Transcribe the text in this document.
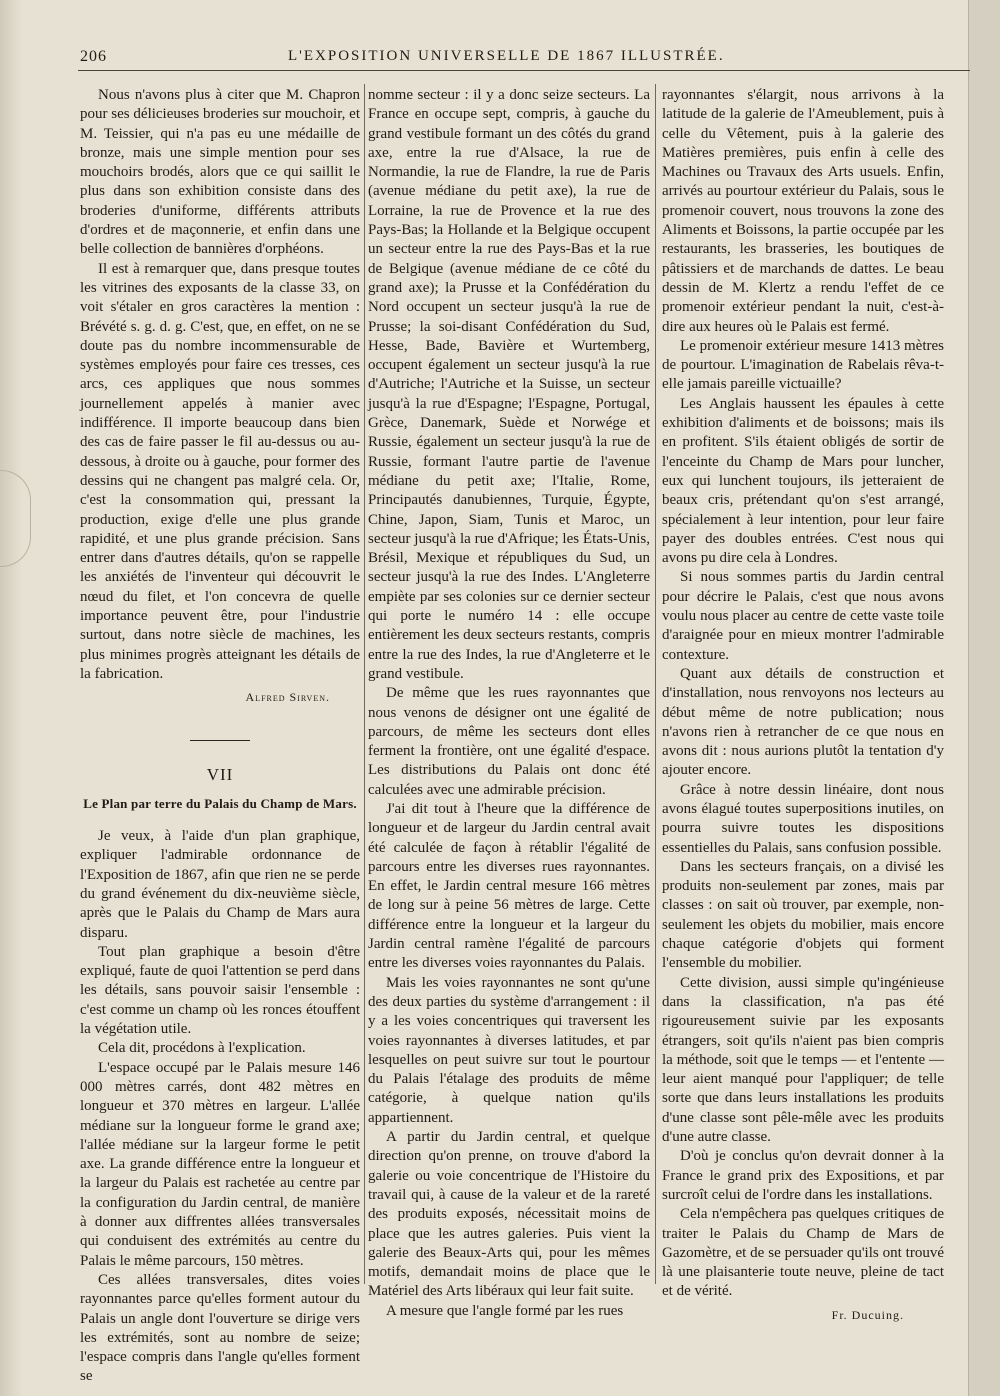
206	L'EXPOSITION UNIVERSELLE DE 1867 ILLUSTRÉE.

Nous n'avons plus à citer que M. Chapron pour ses délicieuses broderies sur mouchoir, et M. Teissier, qui n'a pas eu une médaille de bronze, mais une simple mention pour ses mouchoirs brodés, alors que ce qui saillit le plus dans son exhibition consiste dans des broderies d'uniforme, différents attributs d'ordres et de maçonnerie, et enfin dans une belle collection de bannières d'orphéons.

Il est à remarquer que, dans presque toutes les vitrines des exposants de la classe 33, on voit s'étaler en gros caractères la mention : Brévété s. g. d. g. C'est, que, en effet, on ne se doute pas du nombre incommensurable de systèmes employés pour faire ces tresses, ces arcs, ces appliques que nous sommes journellement appelés à manier avec indifférence. Il importe beaucoup dans bien des cas de faire passer le fil au-dessus ou au-dessous, à droite ou à gauche, pour former des dessins qui ne changent pas malgré cela. Or, c'est la consommation qui, pressant la production, exige d'elle une plus grande rapidité, et une plus grande précision. Sans entrer dans d'autres détails, qu'on se rappelle les anxiétés de l'inventeur qui découvrit le nœud du filet, et l'on concevra de quelle importance peuvent être, pour l'industrie surtout, dans notre siècle de machines, les plus minimes progrès atteignant les détails de la fabrication.

Alfred Sirven.
VII
Le Plan par terre du Palais du Champ de Mars.

Je veux, à l'aide d'un plan graphique, expliquer l'admirable ordonnance de l'Exposition de 1867, afin que rien ne se perde du grand événement du dix-neuvième siècle, après que le Palais du Champ de Mars aura disparu.

Tout plan graphique a besoin d'être expliqué, faute de quoi l'attention se perd dans les détails, sans pouvoir saisir l'ensemble : c'est comme un champ où les ronces étouffent la végétation utile.

Cela dit, procédons à l'explication.

L'espace occupé par le Palais mesure 146 000 mètres carrés, dont 482 mètres en longueur et 370 mètres en largeur. L'allée médiane sur la longueur forme le grand axe; l'allée médiane sur la largeur forme le petit axe. La grande différence entre la longueur et la largeur du Palais est rachetée au centre par la configuration du Jardin central, de manière à donner aux diffrentes allées transversales qui conduisent des extrémités au centre du Palais le même parcours, 150 mètres.

Ces allées transversales, dites voies rayonnantes parce qu'elles forment autour du Palais un angle dont l'ouverture se dirige vers les extrémités, sont au nombre de seize; l'espace compris dans l'angle qu'elles forment se

nomme secteur : il y a donc seize secteurs. La France en occupe sept, compris, à gauche du grand vestibule formant un des côtés du grand axe, entre la rue d'Alsace, la rue de Normandie, la rue de Flandre, la rue de Paris (avenue médiane du petit axe), la rue de Lorraine, la rue de Provence et la rue des Pays-Bas; la Hollande et la Belgique occupent un secteur entre la rue des Pays-Bas et la rue de Belgique (avenue médiane de ce côté du grand axe); la Prusse et la Confédération du Nord occupent un secteur jusqu'à la rue de Prusse; la soi-disant Confédération du Sud, Hesse, Bade, Bavière et Wurtemberg, occupent également un secteur jusqu'à la rue d'Autriche; l'Autriche et la Suisse, un secteur jusqu'à la rue d'Espagne; l'Espagne, Portugal, Grèce, Danemark, Suède et Norwége et Russie, également un secteur jusqu'à la rue de Russie, formant l'autre partie de l'avenue médiane du petit axe; l'Italie, Rome, Principautés danubiennes, Turquie, Égypte, Chine, Japon, Siam, Tunis et Maroc, un secteur jusqu'à la rue d'Afrique; les États-Unis, Brésil, Mexique et républiques du Sud, un secteur jusqu'à la rue des Indes. L'Angleterre empiète par ses colonies sur ce dernier secteur qui porte le numéro 14 : elle occupe entièrement les deux secteurs restants, compris entre la rue des Indes, la rue d'Angleterre et le grand vestibule.

De même que les rues rayonnantes que nous venons de désigner ont une égalité de parcours, de même les secteurs dont elles ferment la frontière, ont une égalité d'espace. Les distributions du Palais ont donc été calculées avec une admirable précision.

J'ai dit tout à l'heure que la différence de longueur et de largeur du Jardin central avait été calculée de façon à rétablir l'égalité de parcours entre les diverses rues rayonnantes. En effet, le Jardin central mesure 166 mètres de long sur à peine 56 mètres de large. Cette différence entre la longueur et la largeur du Jardin central ramène l'égalité de parcours entre les diverses voies rayonnantes du Palais.

Mais les voies rayonnantes ne sont qu'une des deux parties du système d'arrangement : il y a les voies concentriques qui traversent les voies rayonnantes à diverses latitudes, et par lesquelles on peut suivre sur tout le pourtour du Palais l'étalage des produits de même catégorie, à quelque nation qu'ils appartiennent.

A partir du Jardin central, et quelque direction qu'on prenne, on trouve d'abord la galerie ou voie concentrique de l'Histoire du travail qui, à cause de la valeur et de la rareté des produits exposés, nécessitait moins de place que les autres galeries. Puis vient la galerie des Beaux-Arts qui, pour les mêmes motifs, demandait moins de place que le Matériel des Arts libéraux qui leur fait suite.

A mesure que l'angle formé par les rues

rayonnantes s'élargit, nous arrivons à la latitude de la galerie de l'Ameublement, puis à celle du Vêtement, puis à la galerie des Matières premières, puis enfin à celle des Machines ou Travaux des Arts usuels. Enfin, arrivés au pourtour extérieur du Palais, sous le promenoir couvert, nous trouvons la zone des Aliments et Boissons, la partie occupée par les restaurants, les brasseries, les boutiques de pâtissiers et de marchands de dattes. Le beau dessin de M. Klertz a rendu l'effet de ce promenoir extérieur pendant la nuit, c'est-à-dire aux heures où le Palais est fermé.

Le promenoir extérieur mesure 1413 mètres de pourtour. L'imagination de Rabelais rêva-t-elle jamais pareille victuaille?

Les Anglais haussent les épaules à cette exhibition d'aliments et de boissons; mais ils en profitent. S'ils étaient obligés de sortir de l'enceinte du Champ de Mars pour luncher, eux qui lunchent toujours, ils jetteraient de beaux cris, prétendant qu'on s'est arrangé, spécialement à leur intention, pour leur faire payer des doubles entrées. C'est nous qui avons pu dire cela à Londres.

Si nous sommes partis du Jardin central pour décrire le Palais, c'est que nous avons voulu nous placer au centre de cette vaste toile d'araignée pour en mieux montrer l'admirable contexture.

Quant aux détails de construction et d'installation, nous renvoyons nos lecteurs au début même de notre publication; nous n'avons rien à retrancher de ce que nous en avons dit : nous aurions plutôt la tentation d'y ajouter encore.

Grâce à notre dessin linéaire, dont nous avons élagué toutes superpositions inutiles, on pourra suivre toutes les dispositions essentielles du Palais, sans confusion possible.

Dans les secteurs français, on a divisé les produits non-seulement par zones, mais par classes : on sait où trouver, par exemple, non-seulement les objets du mobilier, mais encore chaque catégorie d'objets qui forment l'ensemble du mobilier.

Cette division, aussi simple qu'ingénieuse dans la classification, n'a pas été rigoureusement suivie par les exposants étrangers, soit qu'ils n'aient pas bien compris la méthode, soit que le temps — et l'entente — leur aient manqué pour l'appliquer; de telle sorte que dans leurs installations les produits d'une classe sont pêle-mêle avec les produits d'une autre classe.

D'où je conclus qu'on devrait donner à la France le grand prix des Expositions, et par surcroît celui de l'ordre dans les installations.

Cela n'empêchera pas quelques critiques de traiter le Palais du Champ de Mars de Gazomètre, et de se persuader qu'ils ont trouvé là une plaisanterie toute neuve, pleine de tact et de vérité.

Fr. Ducuing.
